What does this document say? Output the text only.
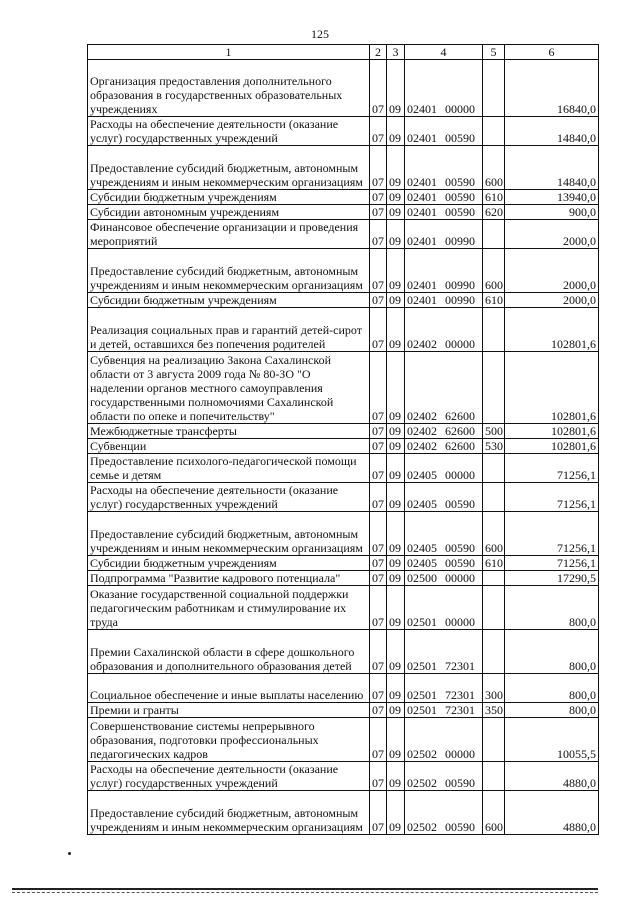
125
1	2	3	4	5	6
Организация предоставления дополнительного образования в государственных образовательных учреждениях	07	09	02401 00000		16840,0
Расходы на обеспечение деятельности (оказание услуг) государственных учреждений	07	09	02401 00590		14840,0
Предоставление субсидий бюджетным, автономным учреждениям и иным некоммерческим организациям	07	09	02401 00590	600	14840,0
Субсидии бюджетным учреждениям	07	09	02401 00590	610	13940,0
Субсидии автономным учреждениям	07	09	02401 00590	620	900,0
Финансовое обеспечение организации и проведения мероприятий	07	09	02401 00990		2000,0
Предоставление субсидий бюджетным, автономным учреждениям и иным некоммерческим организациям	07	09	02401 00990	600	2000,0
Субсидии бюджетным учреждениям	07	09	02401 00990	610	2000,0
Реализация социальных прав и гарантий детей-сирот и детей, оставшихся без попечения родителей	07	09	02402 00000		102801,6
Субвенция на реализацию Закона Сахалинской области от 3 августа 2009 года № 80-ЗО "О наделении органов местного самоуправления государственными полномочиями Сахалинской области по опеке и попечительству"	07	09	02402 62600		102801,6
Межбюджетные трансферты	07	09	02402 62600	500	102801,6
Субвенции	07	09	02402 62600	530	102801,6
Предоставление психолого-педагогической помощи семье и детям	07	09	02405 00000		71256,1
Расходы на обеспечение деятельности (оказание услуг) государственных учреждений	07	09	02405 00590		71256,1
Предоставление субсидий бюджетным, автономным учреждениям и иным некоммерческим организациям	07	09	02405 00590	600	71256,1
Субсидии бюджетным учреждениям	07	09	02405 00590	610	71256,1
Подпрограмма "Развитие кадрового потенциала"	07	09	02500 00000		17290,5
Оказание государственной социальной поддержки педагогическим работникам и стимулирование их труда	07	09	02501 00000		800,0
Премии Сахалинской области в сфере дошкольного образования и дополнительного образования детей	07	09	02501 72301		800,0
Социальное обеспечение и иные выплаты населению	07	09	02501 72301	300	800,0
Премии и гранты	07	09	02501 72301	350	800,0
Совершенствование системы непрерывного образования, подготовки профессиональных педагогических кадров	07	09	02502 00000		10055,5
Расходы на обеспечение деятельности (оказание услуг) государственных учреждений	07	09	02502 00590		4880,0
Предоставление субсидий бюджетным, автономным учреждениям и иным некоммерческим организациям	07	09	02502 00590	600	4880,0
